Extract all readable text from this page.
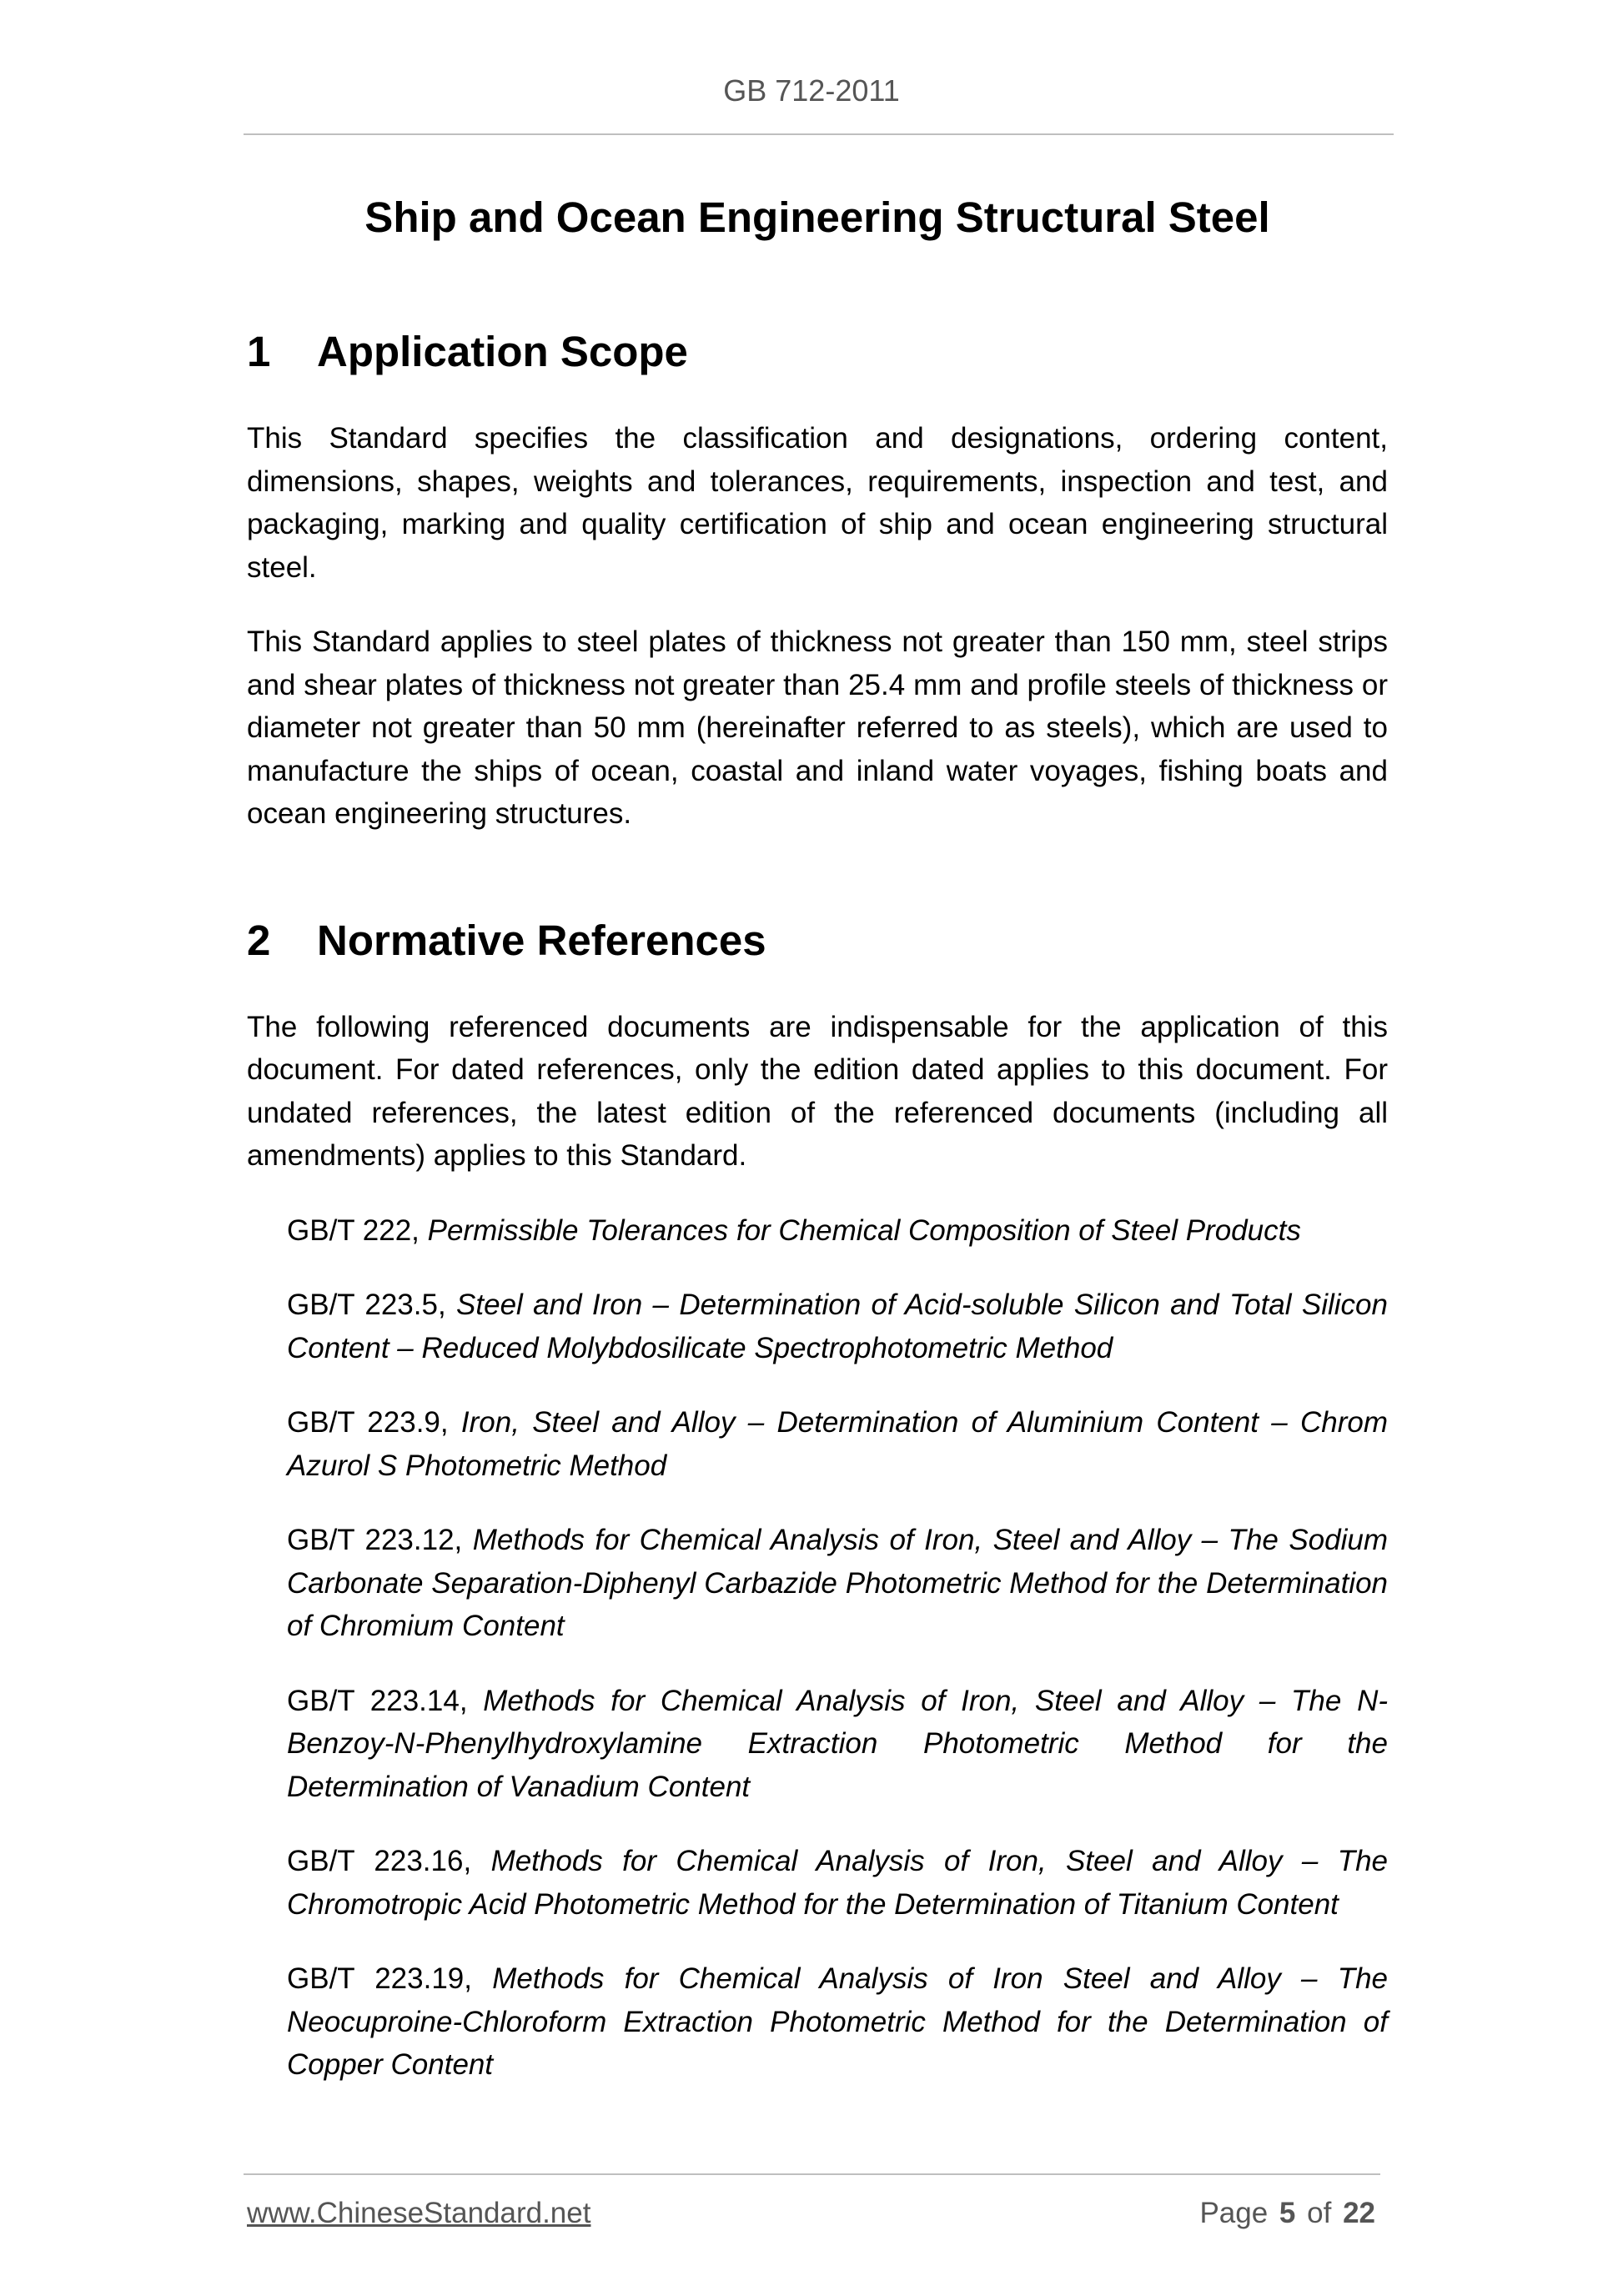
GB 712-2011
Ship and Ocean Engineering Structural Steel
1	Application Scope

This Standard specifies the classification and designations, ordering content, dimensions, shapes, weights and tolerances, requirements, inspection and test, and packaging, marking and quality certification of ship and ocean engineering structural steel.

This Standard applies to steel plates of thickness not greater than 150 mm, steel strips and shear plates of thickness not greater than 25.4 mm and profile steels of thickness or diameter not greater than 50 mm (hereinafter referred to as steels), which are used to manufacture the ships of ocean, coastal and inland water voyages, fishing boats and ocean engineering structures.

2	Normative References

The following referenced documents are indispensable for the application of this document. For dated references, only the edition dated applies to this document. For undated references, the latest edition of the referenced documents (including all amendments) applies to this Standard.

GB/T 222, Permissible Tolerances for Chemical Composition of Steel Products
GB/T 223.5, Steel and Iron – Determination of Acid-soluble Silicon and Total Silicon Content – Reduced Molybdosilicate Spectrophotometric Method
GB/T 223.9, Iron, Steel and Alloy – Determination of Aluminium Content – Chrom Azurol S Photometric Method
GB/T 223.12, Methods for Chemical Analysis of Iron, Steel and Alloy – The Sodium Carbonate Separation-Diphenyl Carbazide Photometric Method for the Determination of Chromium Content
GB/T 223.14, Methods for Chemical Analysis of Iron, Steel and Alloy – The N-Benzoy-N-Phenylhydroxylamine Extraction Photometric Method for the Determination of Vanadium Content
GB/T 223.16, Methods for Chemical Analysis of Iron, Steel and Alloy – The Chromotropic Acid Photometric Method for the Determination of Titanium Content
GB/T 223.19, Methods for Chemical Analysis of Iron Steel and Alloy – The Neocuproine-Chloroform Extraction Photometric Method for the Determination of Copper Content
www.ChineseStandard.net	Page 5 of 22
